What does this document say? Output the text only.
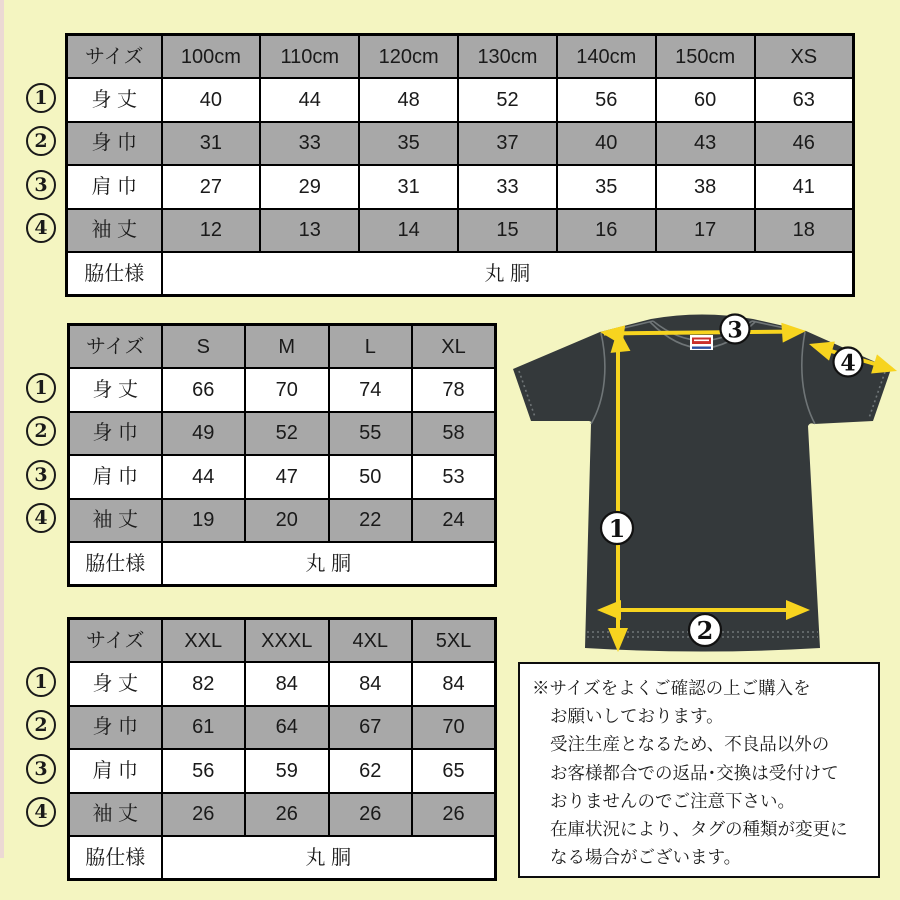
サイズ	100cm	110cm	120cm	130cm	140cm	150cm	XS
身 丈	40	44	48	52	56	60	63
身 巾	31	33	35	37	40	43	46
肩 巾	27	29	31	33	35	38	41
袖 丈	12	13	14	15	16	17	18
脇仕様	丸 胴						
1
2
3
4
サイズ	S	M	L	XL
身 丈	66	70	74	78
身 巾	49	52	55	58
肩 巾	44	47	50	53
袖 丈	19	20	22	24
脇仕様	丸 胴			
1
2
3
4
サイズ	XXL	XXXL	4XL	5XL
身 丈	82	84	84	84
身 巾	61	64	67	70
肩 巾	56	59	62	65
袖 丈	26	26	26	26
脇仕様	丸 胴			
1
2
3
4
3
4
1
2
※サイズをよくご確認の上ご購入を
お願いしております。
受注生産となるため、不良品以外の
お客様都合での返品･交換は受付けて
おりませんのでご注意下さい。
在庫状況により、タグの種類が変更に
なる場合がございます。
